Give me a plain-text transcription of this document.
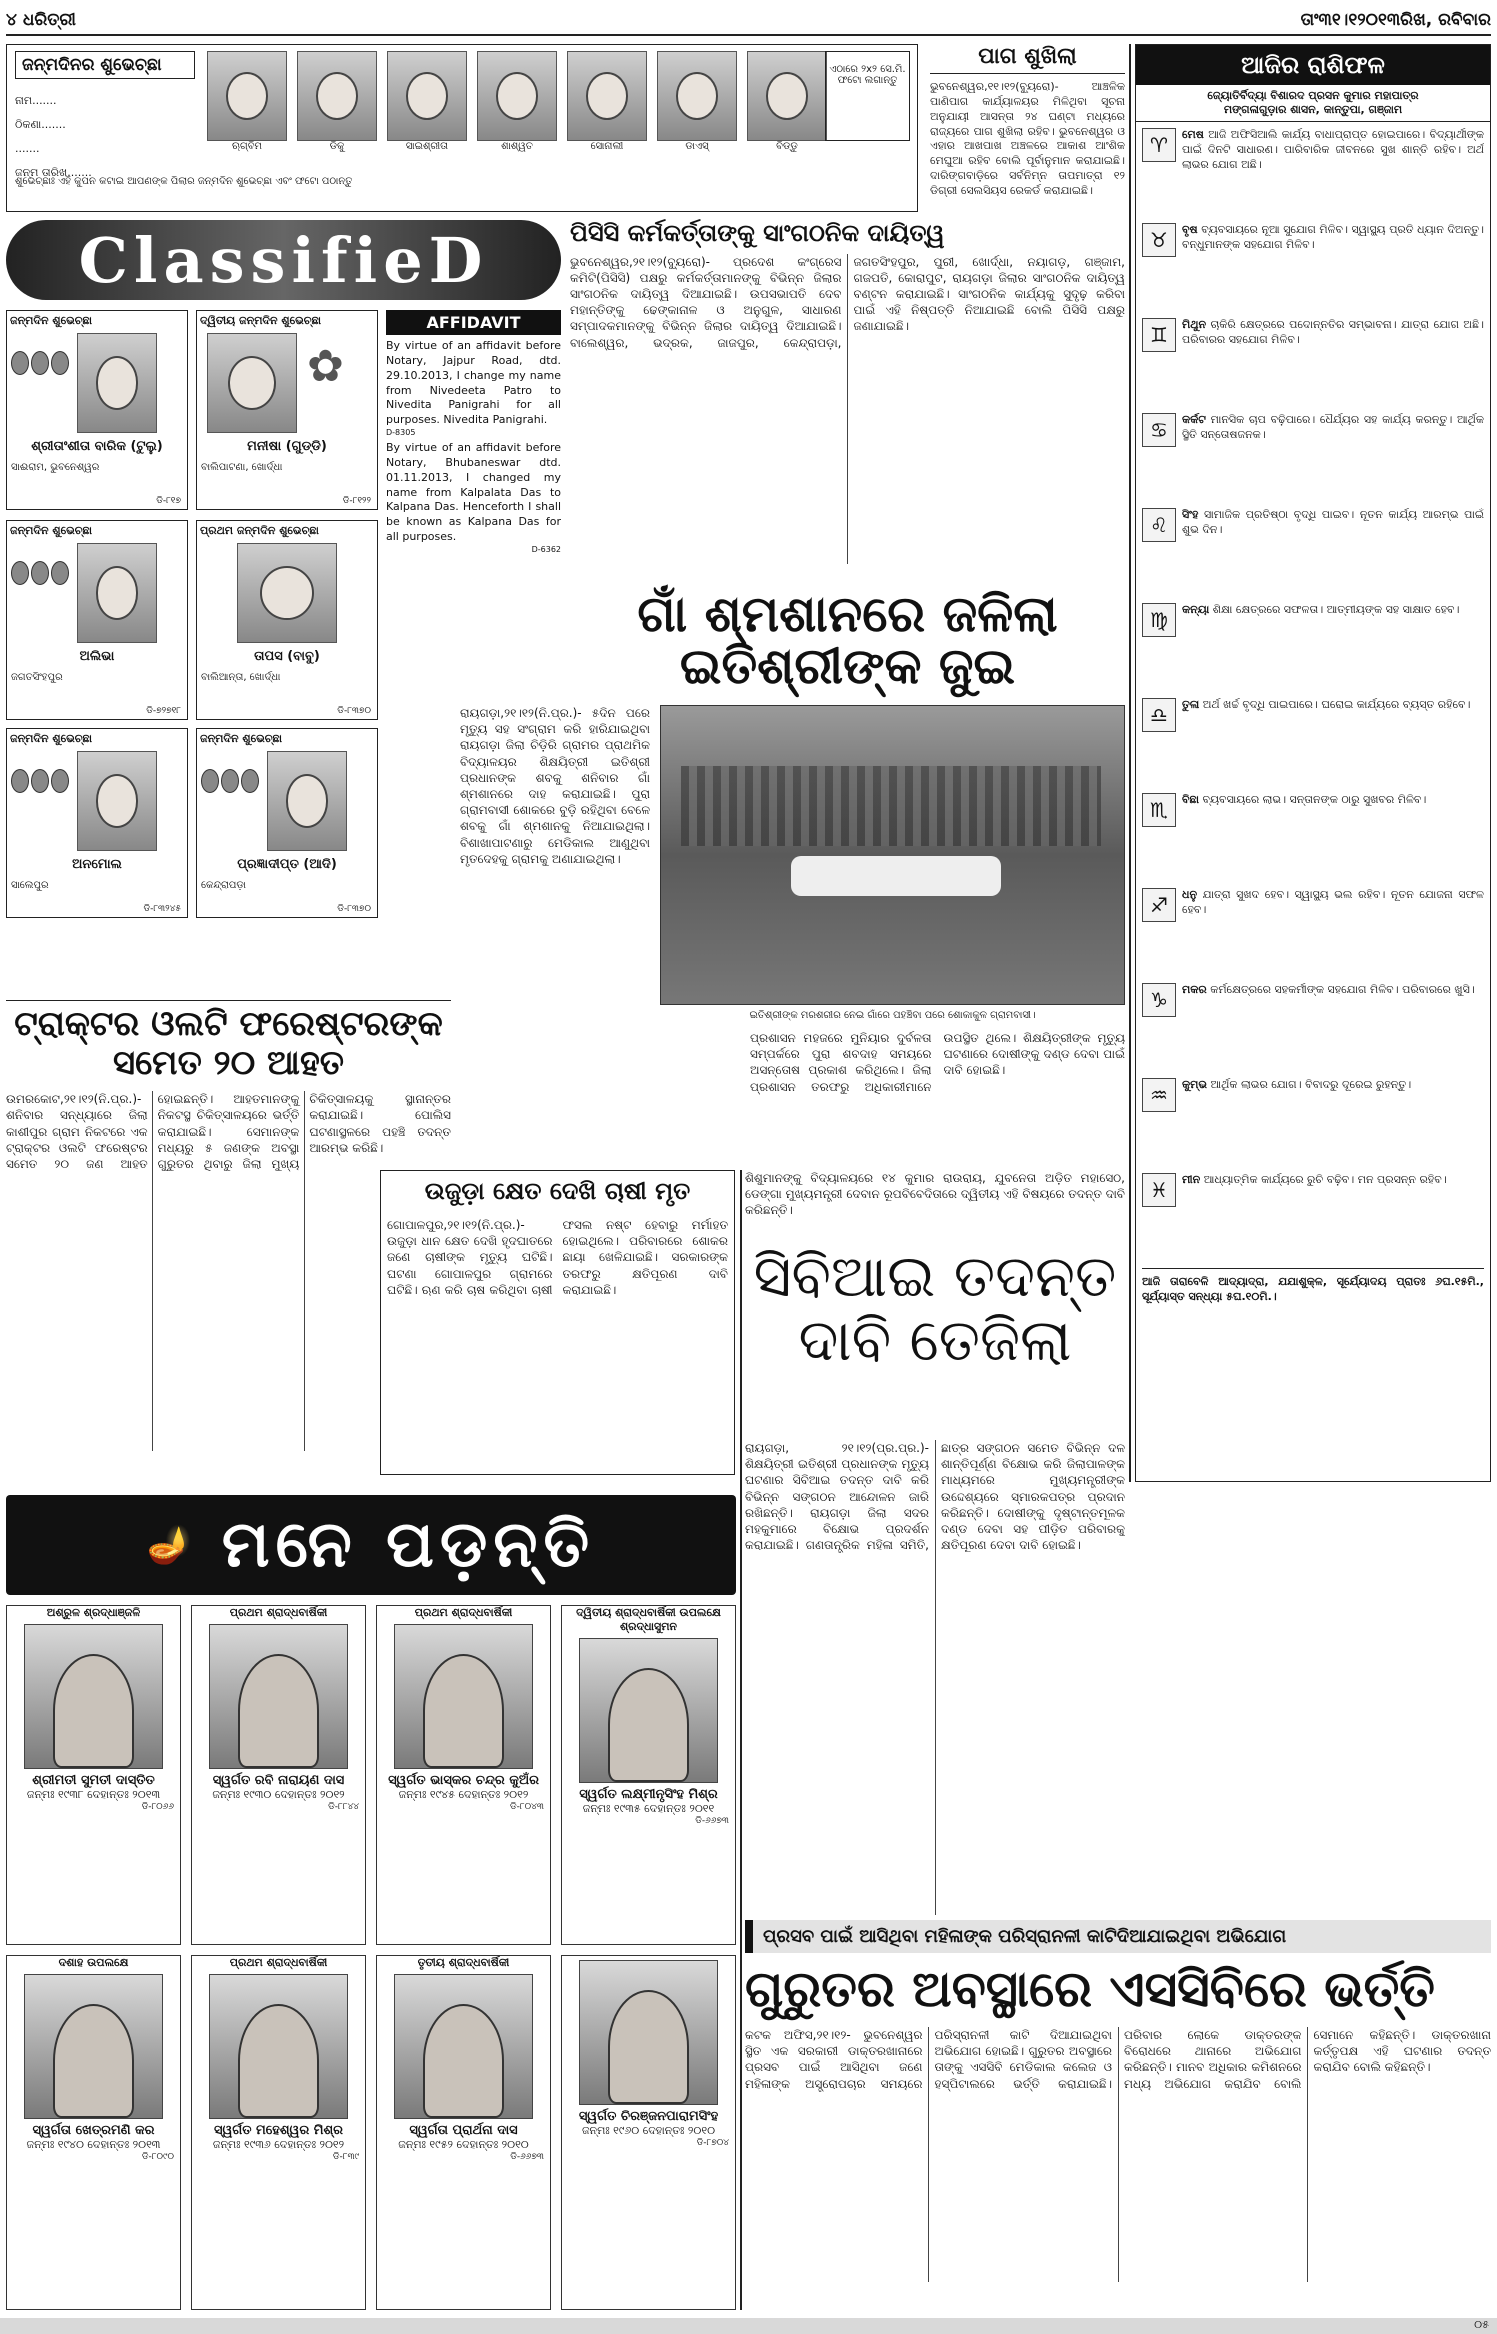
୪ ଧରିତ୍ରୀ	ତାଂ୩୧।୧୨୦୧୩ରିଖ, ରବିବାର
ଜନ୍ମଦିନର ଶୁଭେଚ୍ଛା
ନାମ.......
ଠିକଣା.......
.......
ଜନ୍ମ ତାରିଖ.......
ଋଗ୍ବିମ	ଡିକୁ	ସାଇଶ୍ରୀତା	ଶାଶ୍ୱତ	ସୋନାଲୀ	ଡାଏସ୍	ବିଡ୍ଡୁ
ଏଠାରେ ୨x୨ ସେ.ମି. ଫଟୋ ଲଗାନ୍ତୁ
ଶୁଭେଚ୍ଛାଃ ଏହି କୁପନ କଟାଇ ଆପଣଙ୍କ ପିଲାର ଜନ୍ମଦିନ ଶୁଭେଚ୍ଛା ଏବଂ ଫଟୋ ପଠାନ୍ତୁ
ପାଗ ଶୁଖିଲା
ଭୁବନେଶ୍ୱର,୧୧।୧୨(ବ୍ୟୁରୋ)- ଆଞ୍ଚଳିକ ପାଣିପାଗ କାର୍ଯ୍ୟାଳୟର ମିଳିଥିବା ସୂଚନା ଅନୁଯାୟୀ ଆସନ୍ତା ୨୪ ଘଣ୍ଟା ମଧ୍ୟରେ ରାଜ୍ୟରେ ପାଗ ଶୁଖିଲା ରହିବ। ଭୁବନେଶ୍ୱର ଓ ଏହାର ଆଖପାଖ ଅଞ୍ଚଳରେ ଆକାଶ ଆଂଶିକ ମେଘୁଆ ରହିବ ବୋଲି ପୂର୍ବାନୁମାନ କରାଯାଇଛି। ଦାରିଙ୍ଗବାଡ଼ିରେ ସର୍ବନିମ୍ନ ତାପମାତ୍ରା ୧୨ ଡିଗ୍ରୀ ସେଲସିୟସ ରେକର୍ଡ କରାଯାଇଛି।
ଆଜିର ରାଶିଫଳ
ଜ୍ୟୋତିର୍ବିଦ୍ୟା ବିଶାରଦ ପ୍ରସନ କୁମାର ମହାପାତ୍ର
ମଙ୍ଗଳାଗୁଡ଼ାର ଶାସନ, କାନ୍ତୁପା, ଗଞ୍ଜାମ
♈	ମେଷ ଆଜି ଅଫିସିଆଲି କାର୍ଯ୍ୟ ବାଧାପ୍ରାପ୍ତ ହୋଇପାରେ। ବିଦ୍ୟାର୍ଥୀଙ୍କ ପାଇଁ ଦିନଟି ସାଧାରଣ। ପାରିବାରିକ ଜୀବନରେ ସୁଖ ଶାନ୍ତି ରହିବ। ଅର୍ଥ ଲାଭର ଯୋଗ ଅଛି।
♉	ବୃଷ ବ୍ୟବସାୟରେ ନୂଆ ସୁଯୋଗ ମିଳିବ। ସ୍ୱାସ୍ଥ୍ୟ ପ୍ରତି ଧ୍ୟାନ ଦିଅନ୍ତୁ। ବନ୍ଧୁମାନଙ୍କ ସହଯୋଗ ମିଳିବ।
♊	ମିଥୁନ ଚାକିରି କ୍ଷେତ୍ରରେ ପଦୋନ୍ନତିର ସମ୍ଭାବନା। ଯାତ୍ରା ଯୋଗ ଅଛି। ପରିବାରର ସହଯୋଗ ମିଳିବ।
♋	କର୍କଟ ମାନସିକ ଚାପ ବଢ଼ିପାରେ। ଧୈର୍ଯ୍ୟର ସହ କାର୍ଯ୍ୟ କରନ୍ତୁ। ଆର୍ଥିକ ସ୍ଥିତି ସନ୍ତୋଷଜନକ।
♌	ସିଂହ ସାମାଜିକ ପ୍ରତିଷ୍ଠା ବୃଦ୍ଧି ପାଇବ। ନୂତନ କାର୍ଯ୍ୟ ଆରମ୍ଭ ପାଇଁ ଶୁଭ ଦିନ।
♍	କନ୍ୟା ଶିକ୍ଷା କ୍ଷେତ୍ରରେ ସଫଳତା। ଆତ୍ମୀୟଙ୍କ ସହ ସାକ୍ଷାତ ହେବ।
♎	ତୁଳା ଅର୍ଥ ଖର୍ଚ୍ଚ ବୃଦ୍ଧି ପାଇପାରେ। ଘରୋଇ କାର୍ଯ୍ୟରେ ବ୍ୟସ୍ତ ରହିବେ।
♏	ବିଛା ବ୍ୟବସାୟରେ ଲାଭ। ସନ୍ତାନଙ୍କ ଠାରୁ ସୁଖବର ମିଳିବ।
♐	ଧନୁ ଯାତ୍ରା ସୁଖଦ ହେବ। ସ୍ୱାସ୍ଥ୍ୟ ଭଲ ରହିବ। ନୂତନ ଯୋଜନା ସଫଳ ହେବ।
♑	ମକର କର୍ମକ୍ଷେତ୍ରରେ ସହକର୍ମୀଙ୍କ ସହଯୋଗ ମିଳିବ। ପରିବାରରେ ଖୁସି।
♒	କୁମ୍ଭ ଆର୍ଥିକ ଲାଭର ଯୋଗ। ବିବାଦରୁ ଦୂରେଇ ରୁହନ୍ତୁ।
♓	ମୀନ ଆଧ୍ୟାତ୍ମିକ କାର୍ଯ୍ୟରେ ରୁଚି ବଢ଼ିବ। ମନ ପ୍ରସନ୍ନ ରହିବ।
ଆଜି ତାରାବେଳି ଆଦ୍ୟାଦ୍ରା, ଯଯାଶୁକ୍ଳ, ସୂର୍ଯ୍ୟୋଦୟ ପ୍ରାତଃ ୬ଘ.୧୫ମି., ସୂର୍ଯ୍ୟାସ୍ତ ସନ୍ଧ୍ୟା ୫ଘ.୧୦ମି.।
ClassifieD
ଜନ୍ମଦିନ ଶୁଭେଚ୍ଛା
ଶ୍ରୀତାଂଶୀତା ବାରିକ (ଟୁଲୁ)
ସାଈରାମ, ଭୁବନେଶ୍ୱର
ଡି-୮୧୭
ଦ୍ୱିତୀୟ ଜନ୍ମଦିନ ଶୁଭେଚ୍ଛା
✿
ମନୀଷା (ଗୁଡ୍ଡି)
ବାଲିପାଟଣା, ଖୋର୍ଦ୍ଧା
ଡି-୮୧୨୨
AFFIDAVIT
By virtue of an affidavit before Notary, Jajpur Road, dtd. 29.10.2013, I change my name from Nivedeeta Patro to Nivedita Panigrahi for all purposes. Nivedita Panigrahi.
D-8305
By virtue of an affidavit before Notary, Bhubaneswar dtd. 01.11.2013, I changed my name from Kalpalata Das to Kalpana Das. Henceforth I shall be known as Kalpana Das for all purposes.
D-6362
ଜନ୍ମଦିନ ଶୁଭେଚ୍ଛା
ଅଲିଭା
ଜଗତସିଂହପୁର
ଡି-୭୨୭୧୮
ପ୍ରଥମ ଜନ୍ମଦିନ ଶୁଭେଚ୍ଛା
ତାପସ (ବାବୁ)
ବାଲିଆନ୍ତା, ଖୋର୍ଦ୍ଧା
ଡି-୮୩୭୦
ଜନ୍ମଦିନ ଶୁଭେଚ୍ଛା
ଅନମୋଲ
ସାଲେପୁର
ଡି-୮୩୨୪୫
ଜନ୍ମଦିନ ଶୁଭେଚ୍ଛା
ପ୍ରଜ୍ଞାଦୀପ୍ତ (ଆଦି)
କେନ୍ଦ୍ରାପଡ଼ା
ଡି-୮୩୭୦
ପିସିସି କର୍ମକର୍ତ୍ତାଙ୍କୁ ସାଂଗଠନିକ ଦାୟିତ୍ୱ
ଭୁବନେଶ୍ୱର,୨୧।୧୨(ବ୍ୟୁରୋ)- ପ୍ରଦେଶ କଂଗ୍ରେସ କମିଟି(ପିସିସି) ପକ୍ଷରୁ କର୍ମକର୍ତ୍ତାମାନଙ୍କୁ ବିଭିନ୍ନ ଜିଲାର ସାଂଗଠନିକ ଦାୟିତ୍ୱ ଦିଆଯାଇଛି। ଉପସଭାପତି ଦେବ ମହାନ୍ତିଙ୍କୁ ଢେଙ୍କାନାଳ ଓ ଅନୁଗୁଳ, ସାଧାରଣ ସମ୍ପାଦକମାନଙ୍କୁ ବିଭିନ୍ନ ଜିଲାର ଦାୟିତ୍ୱ ଦିଆଯାଇଛି। ବାଲେଶ୍ୱର, ଭଦ୍ରକ, ଜାଜପୁର, କେନ୍ଦ୍ରାପଡ଼ା, ଜଗତସିଂହପୁର, ପୁରୀ, ଖୋର୍ଦ୍ଧା, ନୟାଗଡ଼, ଗଞ୍ଜାମ, ଗଜପତି, କୋରାପୁଟ, ରାୟଗଡ଼ା ଜିଲାର ସାଂଗଠନିକ ଦାୟିତ୍ୱ ବଣ୍ଟନ କରାଯାଇଛି। ସାଂଗଠନିକ କାର୍ଯ୍ୟକୁ ସୁଦୃଢ଼ କରିବା ପାଇଁ ଏହି ନିଷ୍ପତ୍ତି ନିଆଯାଇଛି ବୋଲି ପିସିସି ପକ୍ଷରୁ ଜଣାଯାଇଛି।
ଗାଁ ଶ୍ମଶାନରେ ଜଳିଲା ଇତିଶ୍ରୀଙ୍କ ଜୁଇ
ରାୟଗଡ଼ା,୨୧।୧୨(ନି.ପ୍ର.)- ୫ଦିନ ପରେ ମୃତ୍ୟୁ ସହ ସଂଗ୍ରାମ କରି ହାରିଯାଇଥିବା ରାୟଗଡ଼ା ଜିଲା ଚିଡ଼ିରି ଗ୍ରାମର ପ୍ରାଥମିକ ବିଦ୍ୟାଳୟର ଶିକ୍ଷୟିତ୍ରୀ ଇତିଶ୍ରୀ ପ୍ରଧାନଙ୍କ ଶବକୁ ଶନିବାର ଗାଁ ଶ୍ମଶାନରେ ଦାହ କରାଯାଇଛି। ପୁରା ଗ୍ରାମବାସୀ ଶୋକରେ ବୁଡ଼ି ରହିଥିବା ବେଳେ ଶବକୁ ଗାଁ ଶ୍ମଶାନକୁ ନିଆଯାଇଥିଲା। ବିଶାଖାପାଟଣାରୁ ମେଡିକାଲ ଆଣୁଥିବା ମୃତଦେହକୁ ଗ୍ରାମକୁ ଅଣାଯାଇଥିଲା।
ଇତିଶ୍ରୀଙ୍କ ମରଶରୀର ନେଇ ଗାଁରେ ପହଞ୍ଚିବା ପରେ ଶୋକାକୁଳ ଗ୍ରାମବାସୀ।
ପ୍ରଶାସନ ମହଜରେ ମୁନିୟାର ଦୁର୍ବଳତା ସମ୍ପର୍କରେ ପୁରା ଶବଦାହ ସମୟରେ ଅସନ୍ତୋଷ ପ୍ରକାଶ କରିଥିଲେ। ଜିଲା ପ୍ରଶାସନ ତରଫରୁ ଅଧିକାରୀମାନେ ଉପସ୍ଥିତ ଥିଲେ। ଶିକ୍ଷୟିତ୍ରୀଙ୍କ ମୃତ୍ୟୁ ଘଟଣାରେ ଦୋଷୀଙ୍କୁ ଦଣ୍ଡ ଦେବା ପାଇଁ ଦାବି ହୋଇଛି।
ଟ୍ରାକ୍ଟର ଓଲଟି ଫରେଷ୍ଟରଙ୍କ ସମେତ ୨୦ ଆହତ
ଉମରକୋଟ,୨୧।୧୨(ନି.ପ୍ର.)- ଶନିବାର ସନ୍ଧ୍ୟାରେ ଜିଲା କାଶୀପୁର ଗ୍ରାମ ନିକଟରେ ଏକ ଟ୍ରାକ୍ଟର ଓଲଟି ଫରେଷ୍ଟର ସମେତ ୨୦ ଜଣ ଆହତ ହୋଇଛନ୍ତି। ଆହତମାନଙ୍କୁ ନିକଟସ୍ଥ ଚିକିତ୍ସାଳୟରେ ଭର୍ତ୍ତି କରାଯାଇଛି। ସେମାନଙ୍କ ମଧ୍ୟରୁ ୫ ଜଣଙ୍କ ଅବସ୍ଥା ଗୁରୁତର ଥିବାରୁ ଜିଲା ମୁଖ୍ୟ ଚିକିତ୍ସାଳୟକୁ ସ୍ଥାନାନ୍ତର କରାଯାଇଛି। ପୋଲିସ ଘଟଣାସ୍ଥଳରେ ପହଞ୍ଚି ତଦନ୍ତ ଆରମ୍ଭ କରିଛି।
ଉଜୁଡ଼ା କ୍ଷେତ ଦେଖି ଚାଷୀ ମୃତ
ଗୋପାଳପୁର,୨୧।୧୨(ନି.ପ୍ର.)- ଉଜୁଡ଼ା ଧାନ କ୍ଷେତ ଦେଖି ହୃଦଘାତରେ ଜଣେ ଚାଷୀଙ୍କ ମୃତ୍ୟୁ ଘଟିଛି। ଘଟଣା ଗୋପାଳପୁର ଗ୍ରାମରେ ଘଟିଛି। ଋଣ କରି ଚାଷ କରିଥିବା ଚାଷୀ ଫସଲ ନଷ୍ଟ ହେବାରୁ ମର୍ମାହତ ହୋଇଥିଲେ। ପରିବାରରେ ଶୋକର ଛାୟା ଖେଳିଯାଇଛି। ସରକାରଙ୍କ ତରଫରୁ କ୍ଷତିପୂରଣ ଦାବି କରାଯାଇଛି।
ଶିଶୁମାନଙ୍କୁ ବିଦ୍ୟାଳୟରେ ୧୪ କୁମାର ରାଉରାୟ, ଯୁବନେତା ଅଡ଼ିତ ମହାସେଠ, ଡେଙ୍ଗା ମୁଖ୍ୟମନ୍ତ୍ରୀ ଦେବାନ ରୂପବିବେଦିତାରେ ଦ୍ୱିତୀୟ ଏହି ବିଷୟରେ ତଦନ୍ତ ଦାବି କରିଛନ୍ତି।
ସିବିଆଇ ତଦନ୍ତ
ଦାବି ତେଜିଲା
ରାୟଗଡ଼ା, ୨୧।୧୨(ପ୍ର.ପ୍ର.)- ଶିକ୍ଷୟିତ୍ରୀ ଇତିଶ୍ରୀ ପ୍ରଧାନଙ୍କ ମୃତ୍ୟୁ ଘଟଣାର ସିବିଆଇ ତଦନ୍ତ ଦାବି କରି ବିଭିନ୍ନ ସଙ୍ଗଠନ ଆନ୍ଦୋଳନ ଜାରି ରଖିଛନ୍ତି। ରାୟଗଡ଼ା ଜିଲା ସଦର ମହକୁମାରେ ବିକ୍ଷୋଭ ପ୍ରଦର୍ଶନ କରାଯାଇଛି। ଗଣତାନ୍ତ୍ରିକ ମହିଳା ସମିତି, ଛାତ୍ର ସଙ୍ଗଠନ ସମେତ ବିଭିନ୍ନ ଦଳ ଶାନ୍ତିପୂର୍ଣ୍ଣ ବିକ୍ଷୋଭ କରି ଜିଲାପାଳଙ୍କ ମାଧ୍ୟମରେ ମୁଖ୍ୟମନ୍ତ୍ରୀଙ୍କ ଉଦ୍ଦେଶ୍ୟରେ ସ୍ମାରକପତ୍ର ପ୍ରଦାନ କରିଛନ୍ତି। ଦୋଷୀଙ୍କୁ ଦୃଷ୍ଟାନ୍ତମୂଳକ ଦଣ୍ଡ ଦେବା ସହ ପୀଡ଼ିତ ପରିବାରକୁ କ୍ଷତିପୂରଣ ଦେବା ଦାବି ହୋଇଛି।
🪔 ମନେ ପଡ଼ନ୍ତି
ଅଶ୍ରୁଳ ଶ୍ରଦ୍ଧାଞ୍ଜଳି
ଶ୍ରୀମତୀ ସୁମତୀ ଦାସ୍ତିତ
ଜନ୍ମଃ ୧୯୩୮ ଦେହାନ୍ତଃ ୨୦୧୩
ଡି-୮୦୬୬
ପ୍ରଥମ ଶ୍ରାଦ୍ଧବାର୍ଷିକୀ
ସ୍ୱର୍ଗତ ରବି ନାରାୟଣ ଦାସ
ଜନ୍ମଃ ୧୯୩୦ ଦେହାନ୍ତଃ ୨୦୧୨
ଡି-୮୮୪୪
ପ୍ରଥମ ଶ୍ରାଦ୍ଧବାର୍ଷିକୀ
ସ୍ୱର୍ଗତ ଭାସ୍କର ଚନ୍ଦ୍ର କୁଅଁର
ଜନ୍ମଃ ୧୯୪୫ ଦେହାନ୍ତଃ ୨୦୧୨
ଡି-୮୦୪୩
ଦ୍ୱିତୀୟ ଶ୍ରାଦ୍ଧବାର୍ଷିକୀ ଉପଲକ୍ଷେ ଶ୍ରଦ୍ଧାସୁମନ
ସ୍ୱର୍ଗତ ଲକ୍ଷ୍ମୀନୃସିଂହ ମିଶ୍ର
ଜନ୍ମଃ ୧୯୩୫ ଦେହାନ୍ତଃ ୨୦୧୧
ଡି-୬୬୭୩
ଦଶାହ ଉପଲକ୍ଷେ
ସ୍ୱର୍ଗତା ଖେତ୍ରମଣି କର
ଜନ୍ମଃ ୧୯୪୦ ଦେହାନ୍ତଃ ୨୦୧୩
ଡି-୮୦୯୦
ପ୍ରଥମ ଶ୍ରାଦ୍ଧବାର୍ଷିକୀ
ସ୍ୱର୍ଗତ ମହେଶ୍ୱର ମିଶ୍ର
ଜନ୍ମଃ ୧୯୩୬ ଦେହାନ୍ତଃ ୨୦୧୨
ଡି-୮୩୯
ତୃତୀୟ ଶ୍ରାଦ୍ଧବାର୍ଷିକୀ
ସ୍ୱର୍ଗତା ପ୍ରାର୍ଥନା ଦାସ
ଜନ୍ମଃ ୧୯୫୨ ଦେହାନ୍ତଃ ୨୦୧୦
ଡି-୬୬୭୩
ସ୍ୱର୍ଗତ ଚିରଞ୍ଜନପାରାମସିଂହ
ଜନ୍ମଃ ୧୯୬୦ ଦେହାନ୍ତଃ ୨୦୧୦
ଡି-୮୭୦୪
ପ୍ରସବ ପାଇଁ ଆସିଥିବା ମହିଳାଙ୍କ ପରିସ୍ରାନଳୀ କାଟିଦିଆଯାଇଥିବା ଅଭିଯୋଗ
ଗୁରୁତର ଅବସ୍ଥାରେ ଏସସିବିରେ ଭର୍ତ୍ତି
କଟକ ଅଫିସ,୨୧।୧୨- ଭୁବନେଶ୍ୱର ସ୍ଥିତ ଏକ ସରକାରୀ ଡାକ୍ତରଖାନାରେ ପ୍ରସବ ପାଇଁ ଆସିଥିବା ଜଣେ ମହିଳାଙ୍କ ଅସ୍ତ୍ରୋପଚାର ସମୟରେ ପରିସ୍ରାନଳୀ କାଟି ଦିଆଯାଇଥିବା ଅଭିଯୋଗ ହୋଇଛି। ଗୁରୁତର ଅବସ୍ଥାରେ ତାଙ୍କୁ ଏସସିବି ମେଡିକାଲ କଲେଜ ଓ ହସ୍ପିଟାଲରେ ଭର୍ତ୍ତି କରାଯାଇଛି। ପରିବାର ଲୋକେ ଡାକ୍ତରଙ୍କ ବିରୋଧରେ ଥାନାରେ ଅଭିଯୋଗ କରିଛନ୍ତି। ମାନବ ଅଧିକାର କମିଶନରେ ମଧ୍ୟ ଅଭିଯୋଗ କରାଯିବ ବୋଲି ସେମାନେ କହିଛନ୍ତି। ଡାକ୍ତରଖାନା କର୍ତ୍ତୃପକ୍ଷ ଏହି ଘଟଣାର ତଦନ୍ତ କରାଯିବ ବୋଲି କହିଛନ୍ତି।
୦୫
